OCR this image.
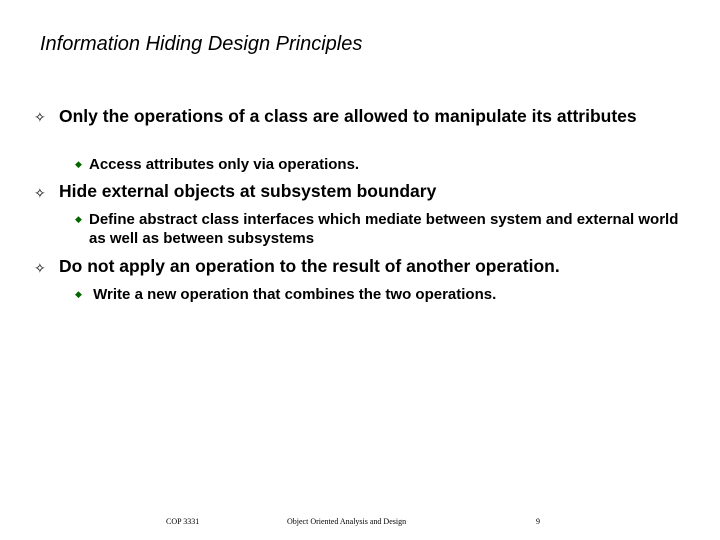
Information Hiding Design Principles
✧ Only the operations of a class are allowed to manipulate its attributes
◆ Access attributes only via operations.
✧ Hide external objects at subsystem boundary
◆ Define abstract class interfaces which mediate between system and external world as well as between subsystems
✧ Do not apply an operation to the result of another operation.
◆ Write a new operation that combines the two operations.
COP 3331	Object Oriented Analysis and Design	9
